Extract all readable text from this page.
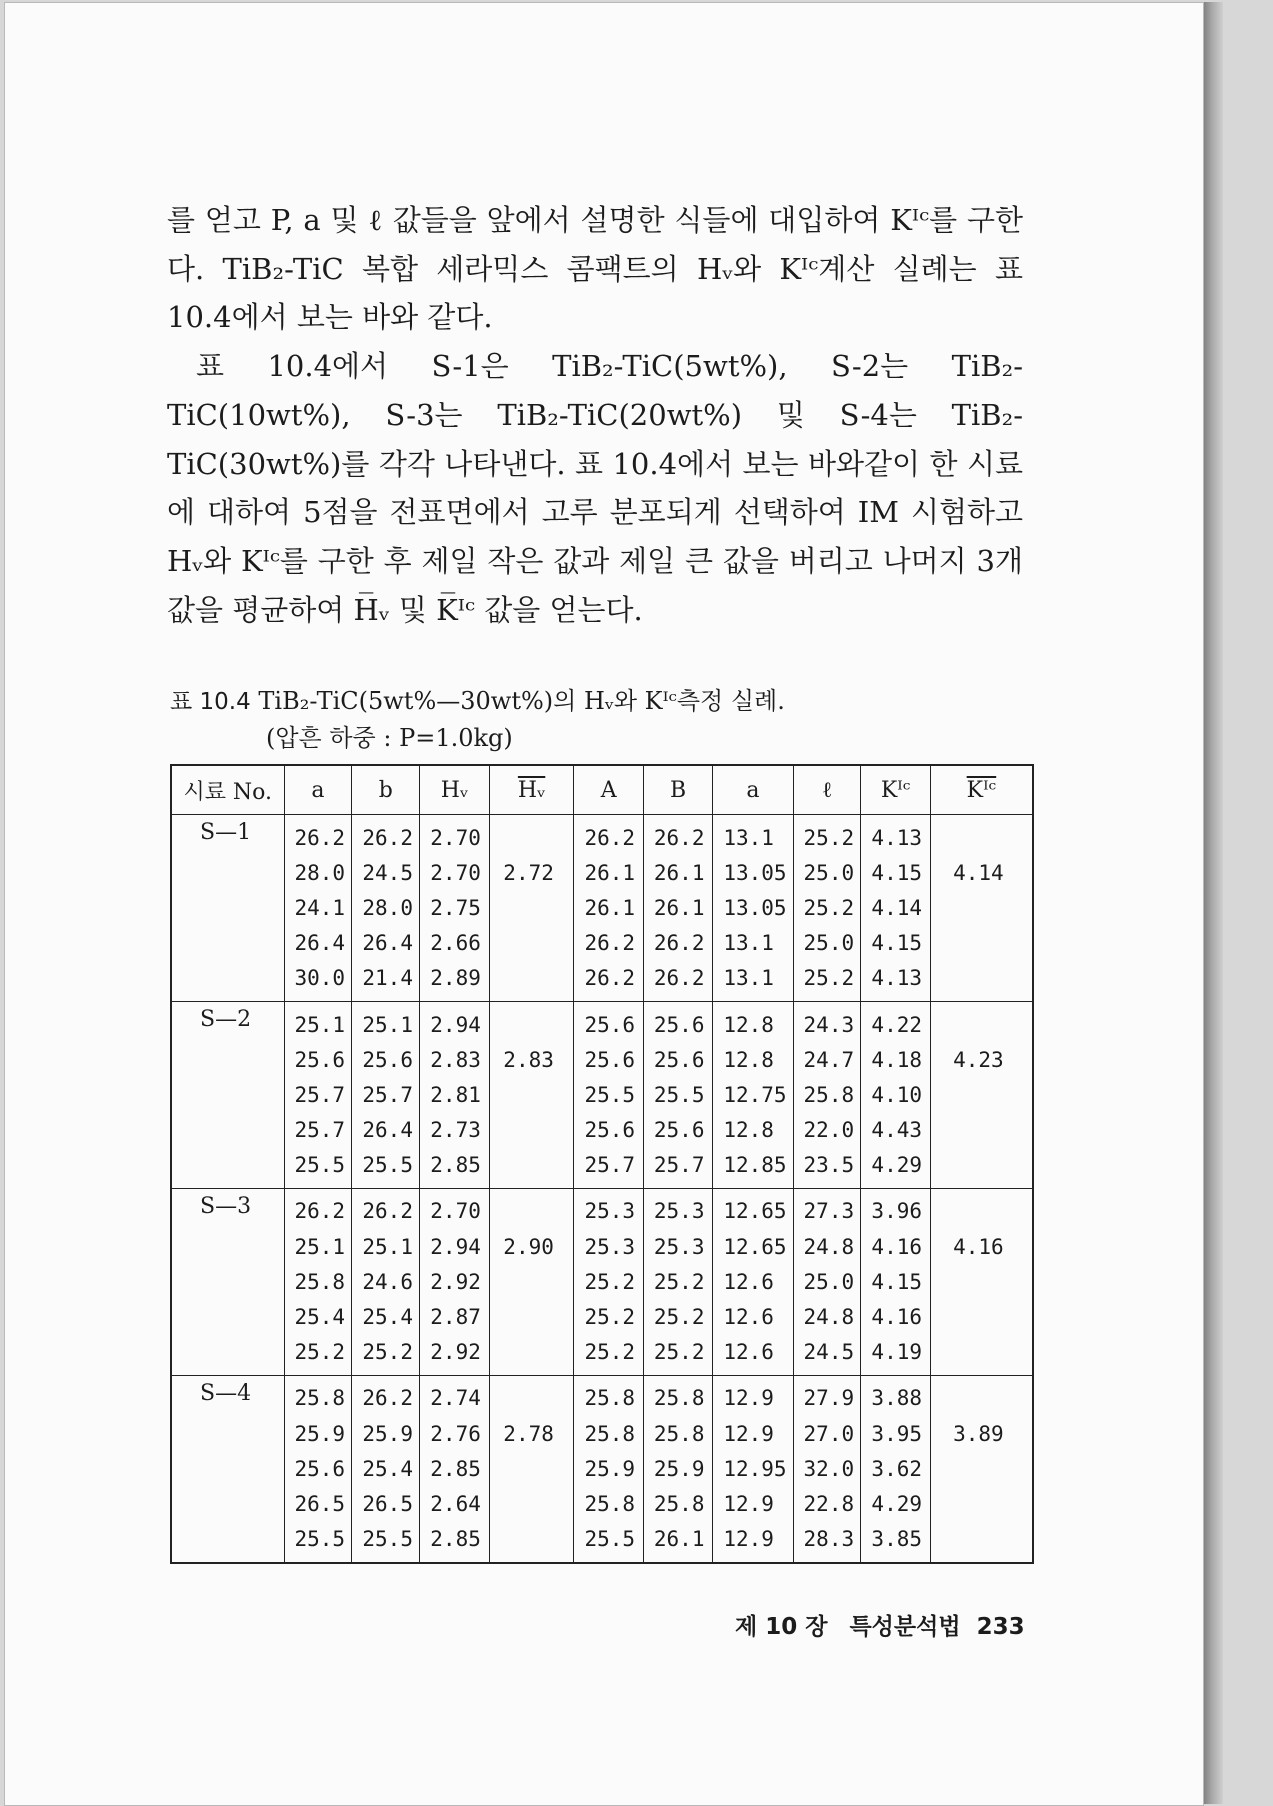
를 얻고 P, a 및 ℓ 값들을 앞에서 설명한 식들에 대입하여 Kᴵᶜ를 구한다. TiB₂-TiC 복합 세라믹스 콤팩트의 Hᵥ와 Kᴵᶜ계산 실례는 표 10.4에서 보는 바와 같다.

표 10.4에서 S-1은 TiB₂-TiC(5wt%), S-2는 TiB₂-TiC(10wt%), S-3는 TiB₂-TiC(20wt%) 및 S-4는 TiB₂-TiC(30wt%)를 각각 나타낸다. 표 10.4에서 보는 바와같이 한 시료에 대하여 5점을 전표면에서 고루 분포되게 선택하여 IM 시험하고 Hᵥ와 Kᴵᶜ를 구한 후 제일 작은 값과 제일 큰 값을 버리고 나머지 3개 값을 평균하여 H̅ᵥ 및 K̅ᴵᶜ 값을 얻는다.

표 10.4 TiB₂-TiC(5wt%—30wt%)의 Hᵥ와 Kᴵᶜ측정 실례.
(압흔 하중 : P=1.0kg)
시료 No.	a	b	Hᵥ	$\overline{Hᵥ}$	A	B	a	ℓ	Kᴵᶜ	$\overline{Kᴵᶜ}$
S—1	26.2	26.2	2.70	2.72	26.2	26.2	13.1	25.2	4.13	4.14
	28.0	24.5	2.70		26.1	26.1	13.05	25.0	4.15	
	24.1	28.0	2.75		26.1	26.1	13.05	25.2	4.14	
	26.4	26.4	2.66		26.2	26.2	13.1	25.0	4.15	
	30.0	21.4	2.89		26.2	26.2	13.1	25.2	4.13	
S—2	25.1	25.1	2.94	2.83	25.6	25.6	12.8	24.3	4.22	4.23
	25.6	25.6	2.83		25.6	25.6	12.8	24.7	4.18	
	25.7	25.7	2.81		25.5	25.5	12.75	25.8	4.10	
	25.7	26.4	2.73		25.6	25.6	12.8	22.0	4.43	
	25.5	25.5	2.85		25.7	25.7	12.85	23.5	4.29	
S—3	26.2	26.2	2.70	2.90	25.3	25.3	12.65	27.3	3.96	4.16
	25.1	25.1	2.94		25.3	25.3	12.65	24.8	4.16	
	25.8	24.6	2.92		25.2	25.2	12.6	25.0	4.15	
	25.4	25.4	2.87		25.2	25.2	12.6	24.8	4.16	
	25.2	25.2	2.92		25.2	25.2	12.6	24.5	4.19	
S—4	25.8	26.2	2.74	2.78	25.8	25.8	12.9	27.9	3.88	3.89
	25.9	25.9	2.76		25.8	25.8	12.9	27.0	3.95	
	25.6	25.4	2.85		25.9	25.9	12.95	32.0	3.62	
	26.5	26.5	2.64		25.8	25.8	12.9	22.8	4.29	
	25.5	25.5	2.85		25.5	26.1	12.9	28.3	3.85	
제 10 장 특성분석법 233
